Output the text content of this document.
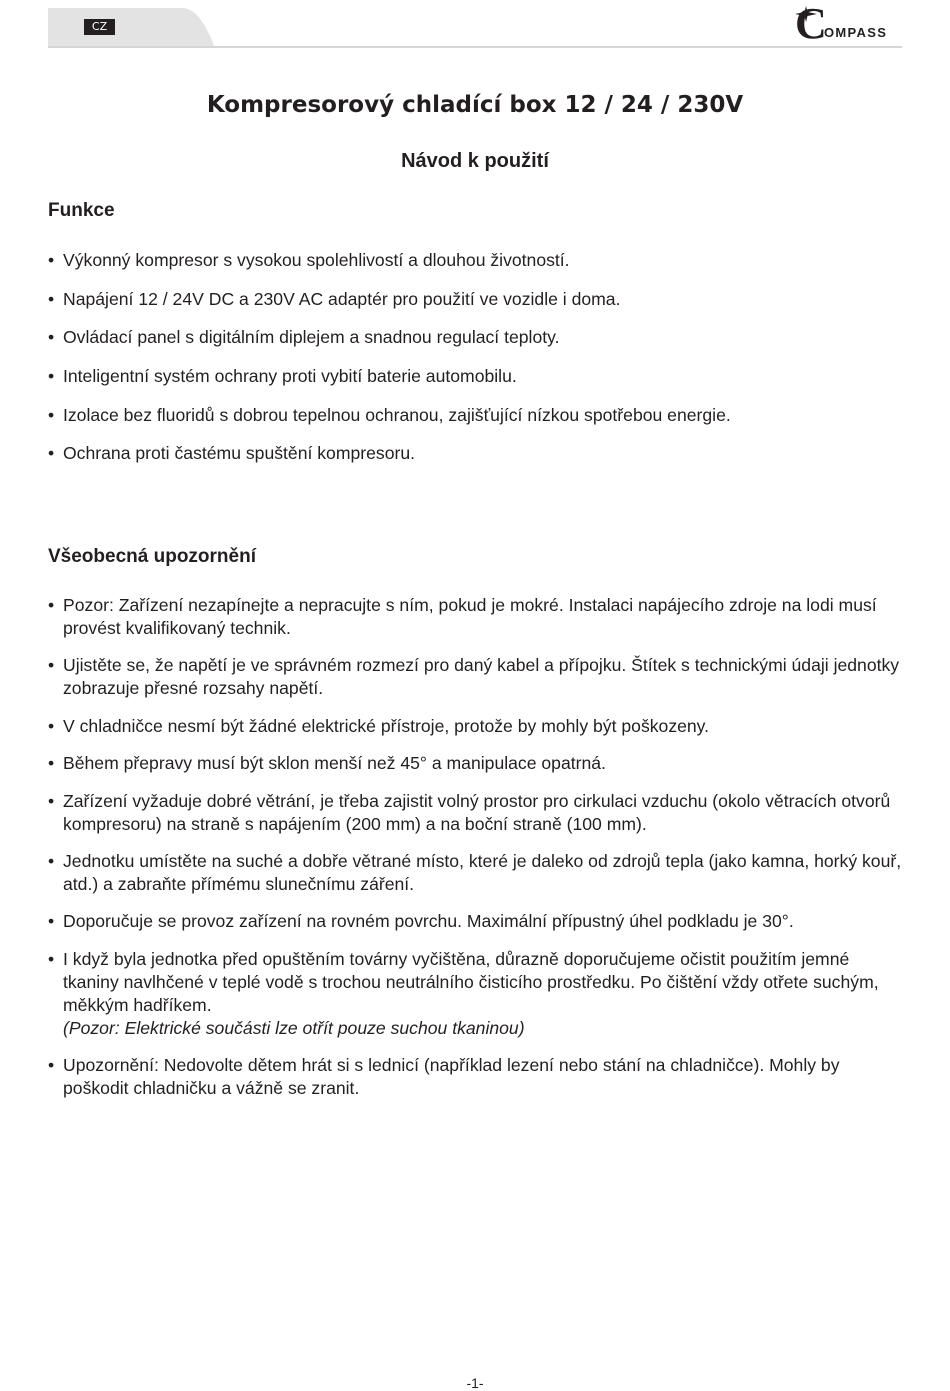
CZ	C
OMPASS
Kompresorový chladící box 12 / 24 / 230V
Návod k použití
Funkce
• Výkonný kompresor s vysokou spolehlivostí a dlouhou životností.
• Napájení 12 / 24V DC a 230V AC adaptér pro použití ve vozidle i doma.
• Ovládací panel s digitálním diplejem a snadnou regulací teploty.
• Inteligentní systém ochrany proti vybití baterie automobilu.
• Izolace bez fluoridů s dobrou tepelnou ochranou, zajišťující nízkou spotřebou energie.
• Ochrana proti častému spuštění kompresoru.
Všeobecná upozornění
• Pozor: Zařízení nezapínejte a nepracujte s ním, pokud je mokré. Instalaci napájecího zdroje na lodi musí provést kvalifikovaný technik.
• Ujistěte se, že napětí je ve správném rozmezí pro daný kabel a přípojku. Štítek s technickými údaji jednotky zobrazuje přesné rozsahy napětí.
• V chladničce nesmí být žádné elektrické přístroje, protože by mohly být poškozeny.
• Během přepravy musí být sklon menší než 45° a manipulace opatrná.
• Zařízení vyžaduje dobré větrání, je třeba zajistit volný prostor pro cirkulaci vzduchu (okolo větracích otvorů kompresoru) na straně s napájením (200 mm) a na boční straně (100 mm).
• Jednotku umístěte na suché a dobře větrané místo, které je daleko od zdrojů tepla (jako kamna, horký kouř, atd.) a zabraňte přímému slunečnímu záření.
• Doporučuje se provoz zařízení na rovném povrchu. Maximální přípustný úhel podkladu je 30°.
• I když byla jednotka před opuštěním továrny vyčištěna, důrazně doporučujeme očistit použitím jemné tkaniny navlhčené v teplé vodě s trochou neutrálního čisticího prostředku. Po čištění vždy otřete suchým, měkkým hadříkem.
(Pozor: Elektrické součásti lze otřít pouze suchou tkaninou)
• Upozornění: Nedovolte dětem hrát si s lednicí (například lezení nebo stání na chladničce). Mohly by poškodit chladničku a vážně se zranit.
-1-
